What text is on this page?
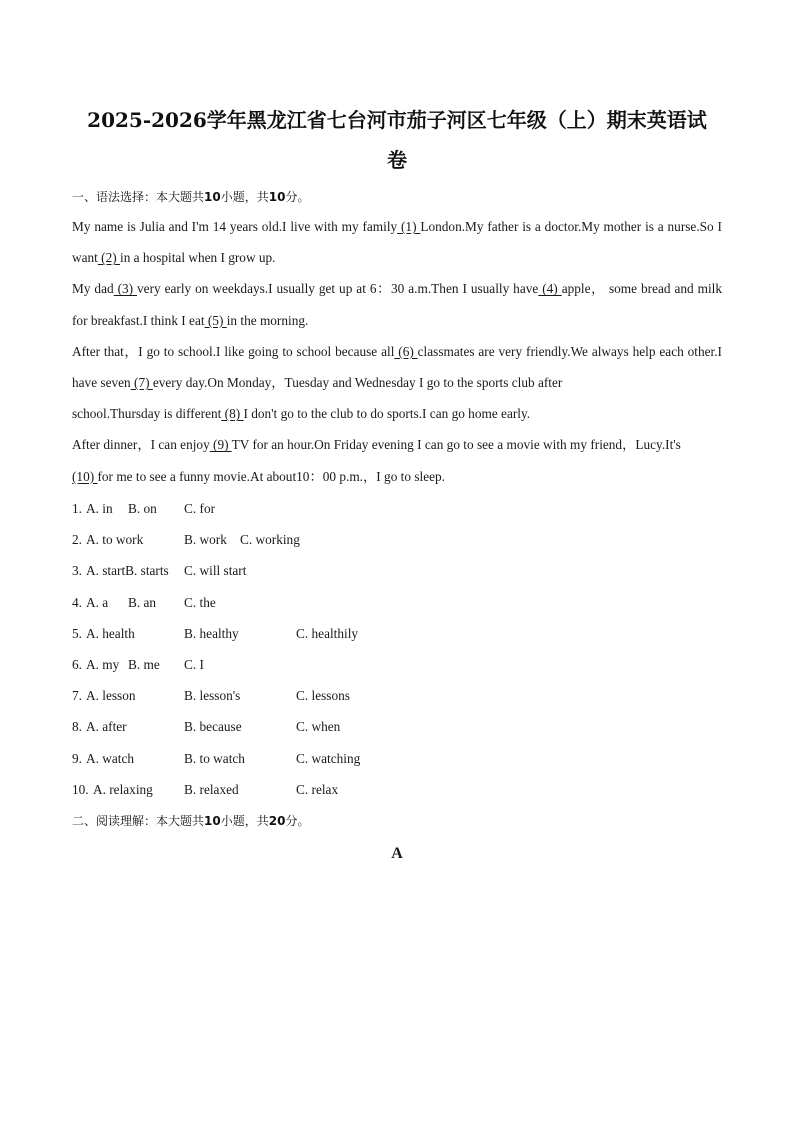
2025-2026学年黑龙江省七台河市茄子河区七年级（上）期末英语试
卷
一、语法选择：本大题共10小题，共10分。

My name is Julia and I'm 14 years old.I live with my family (1) London.My father is a doctor.My mother is a nurse.So I want (2) in a hospital when I grow up.

My dad (3) very early on weekdays.I usually get up at 6：30 a.m.Then I usually have (4) apple， some bread and milk for breakfast.I think I eat (5) in the morning.

After that，I go to school.I like going to school because all (6) classmates are very friendly.We always help each other.I have seven (7) every day.On Monday，Tuesday and Wednesday I go to the sports club after
school.Thursday is different (8) I don't go to the club to do sports.I can go home early.

After dinner，I can enjoy (9) TV for an hour.On Friday evening I can go to see a movie with my friend，Lucy.It's
(10) for me to see a funny movie.At about10：00 p.m.，I go to sleep.

1. A. in B. on C. for
2. A. to work	B. work C. working
3. A. startB. starts C. will start
4. A. a B. an C. the
5. A. health	B. healthy	C. healthily
6. A. my B. me C. I
7. A. lesson	B. lesson's	C. lessons
8. A. after	B. because	C. when
9. A. watch	B. to watch	C. watching
10. A. relaxing B. relaxed	C. relax
二、阅读理解：本大题共10小题，共20分。
A
